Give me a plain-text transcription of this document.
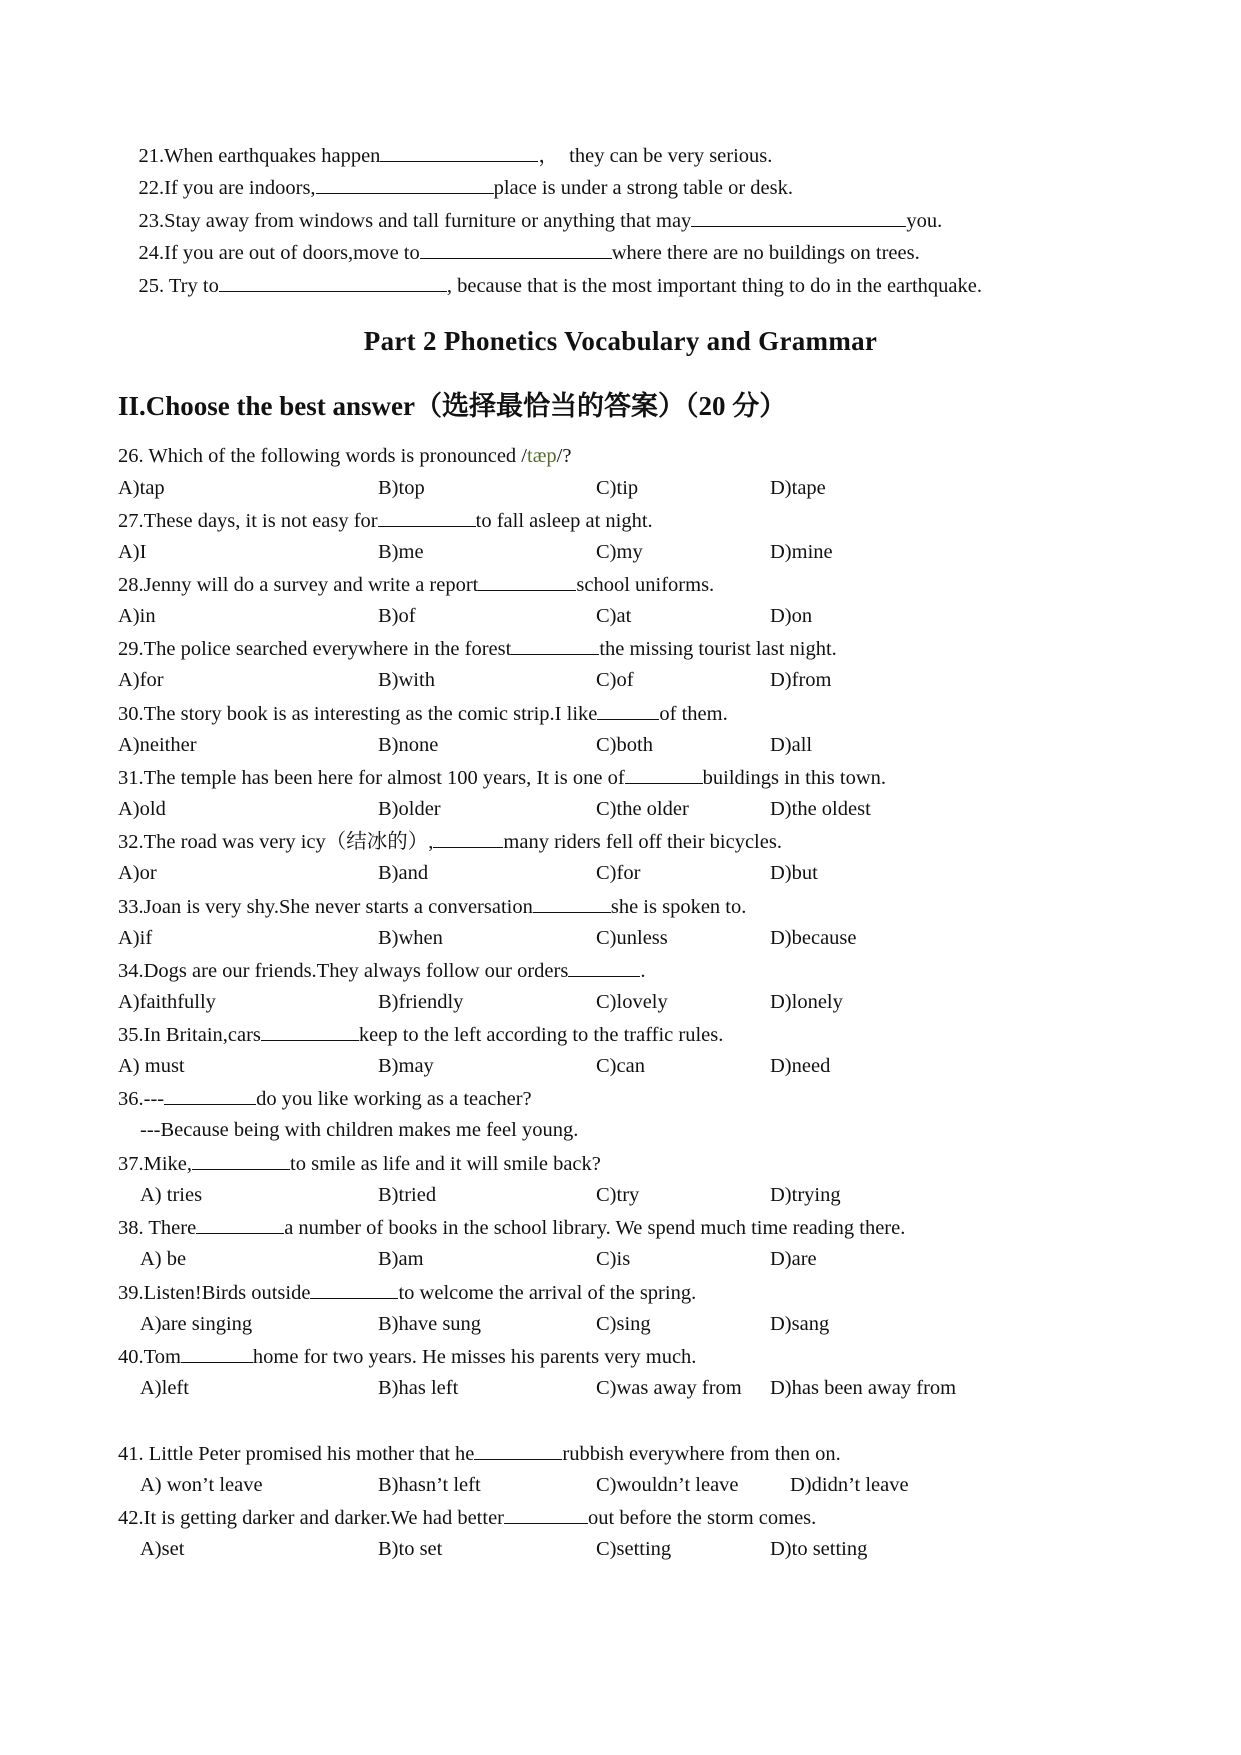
21.When earthquakes happen	，  they can be very serious.

22.If you are indoors,	place is under a strong table or desk.

23.Stay away from windows and tall furniture or anything that may	you.

24.If you are out of doors,move to	where there are no buildings on trees.

25. Try to	, because that is the most important thing to do in the earthquake.

Part 2 Phonetics Vocabulary and Grammar
II.Choose the best answer（选择最恰当的答案）（20 分）
26. Which of the following words is pronounced /tæp/?
A)tap	B)top	C)tip	D)tape
27.These days, it is not easy for	to fall asleep at night.
A)I	B)me	C)my	D)mine
28.Jenny will do a survey and write a report	school uniforms.
A)in	B)of	C)at	D)on
29.The police searched everywhere in the forest	the missing tourist last night.
A)for	B)with	C)of	D)from
30.The story book is as interesting as the comic strip.I like	of them.
A)neither	B)none	C)both	D)all
31.The temple has been here for almost 100 years, It is one of	buildings in this town.
A)old	B)older	C)the older	D)the oldest
32.The road was very icy（结冰的）,	many riders fell off their bicycles.
A)or	B)and	C)for	D)but
33.Joan is very shy.She never starts a conversation	she is spoken to.
A)if	B)when	C)unless	D)because
34.Dogs are our friends.They always follow our orders	.
A)faithfully	B)friendly	C)lovely	D)lonely
35.In Britain,cars	keep to the left according to the traffic rules.
A) must	B)may	C)can	D)need
36.---	do you like working as a teacher?
---Because being with children makes me feel young.
37.Mike,	to smile as life and it will smile back?
A) tries	B)tried	C)try	D)trying
38. There	a number of books in the school library. We spend much time reading there.
A) be	B)am	C)is	D)are
39.Listen!Birds outside	to welcome the arrival of the spring.
A)are singing	B)have sung	C)sing	D)sang
40.Tom	home for two years. He misses his parents very much.
A)left	B)has left	C)was away from D)has been away from
41. Little Peter promised his mother that he	rubbish everywhere from then on.
A) won’t leave	B)hasn’t left	C)wouldn’t leave	D)didn’t leave
42.It is getting darker and darker.We had better	out before the storm comes.
A)set	B)to set	C)setting	D)to setting
